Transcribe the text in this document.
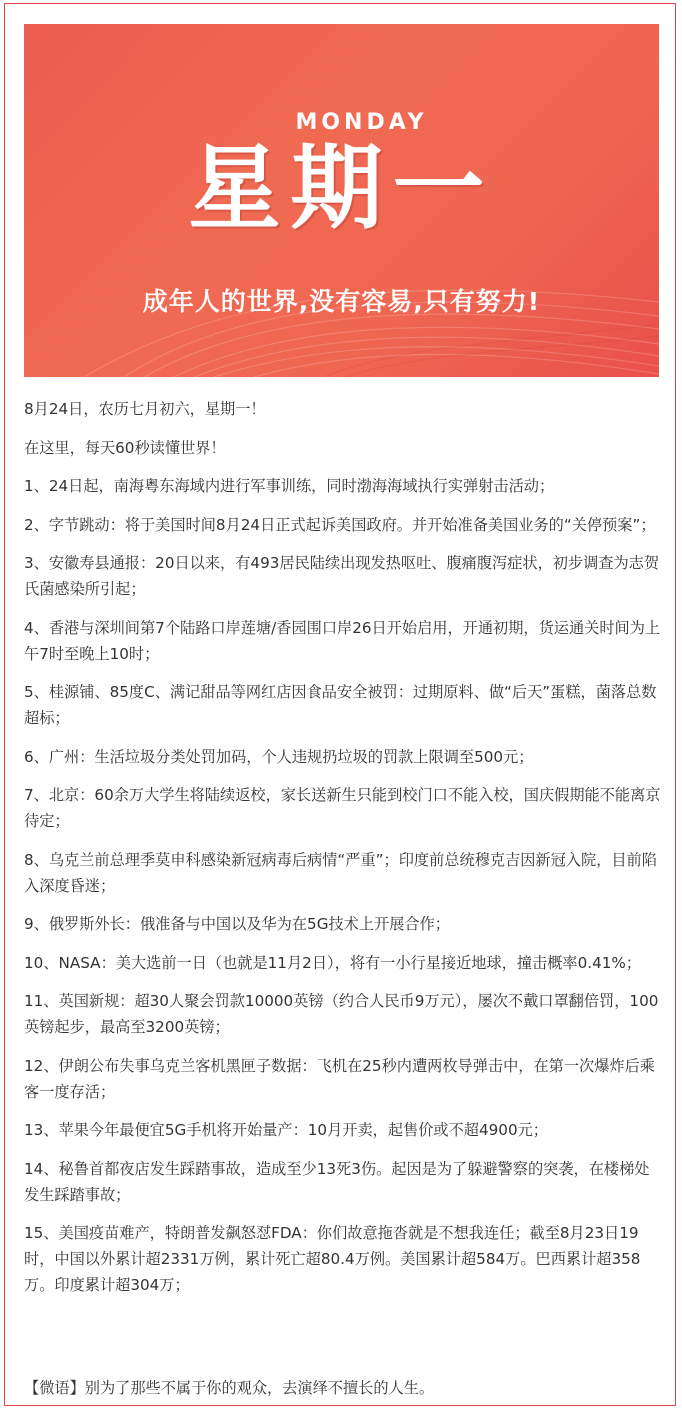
MONDAY
星期一
成年人的世界,没有容易,只有努力!

8月24日，农历七月初六，星期一！

在这里，每天60秒读懂世界！

1、24日起，南海粤东海域内进行军事训练，同时渤海海域执行实弹射击活动；

2、字节跳动：将于美国时间8月24日正式起诉美国政府。并开始准备美国业务的“关停预案”；

3、安徽寿县通报：20日以来，有493居民陆续出现发热呕吐、腹痛腹泻症状，初步调查为志贺氏菌感染所引起；

4、香港与深圳间第7个陆路口岸莲塘/香园围口岸26日开始启用，开通初期，货运通关时间为上午7时至晚上10时；

5、桂源铺、85度C、满记甜品等网红店因食品安全被罚：过期原料、做“后天”蛋糕，菌落总数超标；

6、广州：生活垃圾分类处罚加码，个人违规扔垃圾的罚款上限调至500元；

7、北京：60余万大学生将陆续返校，家长送新生只能到校门口不能入校，国庆假期能不能离京待定；

8、乌克兰前总理季莫申科感染新冠病毒后病情“严重”；印度前总统穆克吉因新冠入院，目前陷入深度昏迷；

9、俄罗斯外长：俄准备与中国以及华为在5G技术上开展合作；

10、NASA：美大选前一日（也就是11月2日），将有一小行星接近地球，撞击概率0.41%；

11、英国新规：超30人聚会罚款10000英镑（约合人民币9万元），屡次不戴口罩翻倍罚，100英镑起步，最高至3200英镑；

12、伊朗公布失事乌克兰客机黑匣子数据：飞机在25秒内遭两枚导弹击中，在第一次爆炸后乘客一度存活；

13、苹果今年最便宜5G手机将开始量产：10月开卖，起售价或不超4900元；

14、秘鲁首都夜店发生踩踏事故，造成至少13死3伤。起因是为了躲避警察的突袭，在楼梯处发生踩踏事故；

15、美国疫苗难产，特朗普发飙怒怼FDA：你们故意拖沓就是不想我连任；截至8月23日19时，中国以外累计超2331万例，累计死亡超80.4万例。美国累计超584万。巴西累计超358万。印度累计超304万；

【微语】别为了那些不属于你的观众，去演绎不擅长的人生。
